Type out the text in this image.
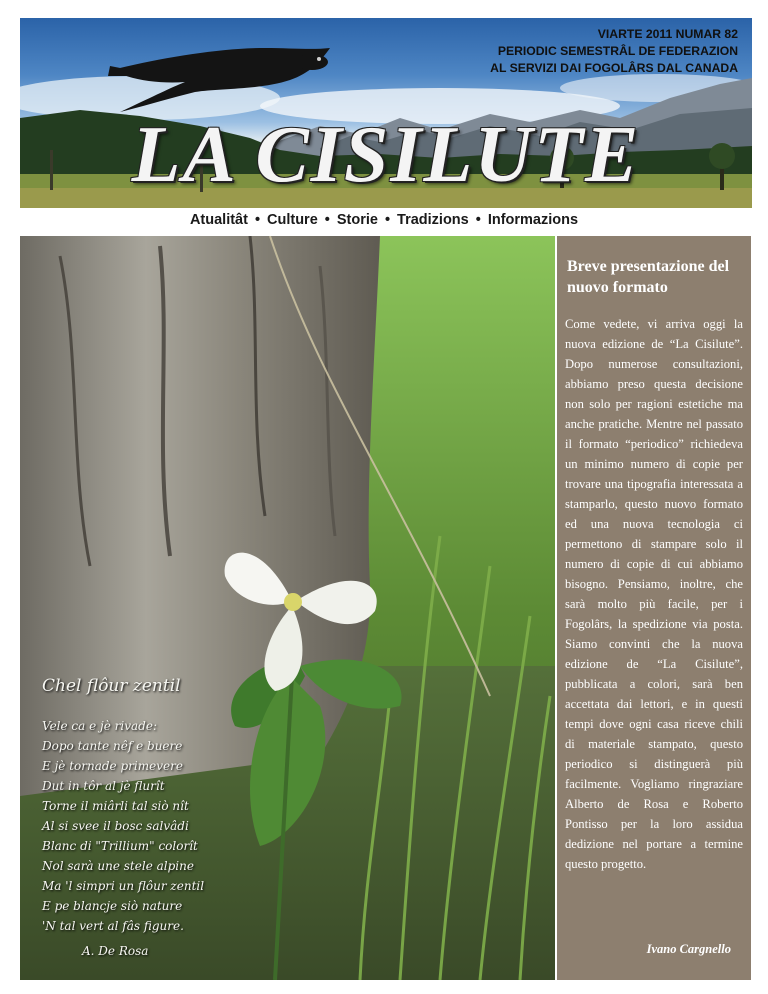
VIARTE 2011 NUMAR 82
PERIODIC SEMESTRÂL DE FEDERAZION
AL SERVIZI DAI FOGOLÂRS DAL CANADA
LA CISILUTE
Atualitât • Culture • Storie • Tradizions • Informazions
Chel flôur zentil
Vele ca e jè rivade:
Dopo tante nêf e buere
E jè tornade primevere
Dut in tôr al jè flurît
Torne il miârli tal siò nît
Al si svee il bosc salvâdi
Blanc di "Trillium" colorît
Nol sarà une stele alpine
Ma 'l simpri un flôur zentil
E pe blancje siò nature
'N tal vert al fâs figure.
A. De Rosa
Breve presentazione del nuovo formato
Come vedete, vi arriva oggi la nuova edizione de “La Cisilute”. Dopo numerose consultazioni, abbiamo preso questa decisione non solo per ragioni estetiche ma anche pratiche. Mentre nel passato il formato “periodico” richiedeva un minimo numero di copie per trovare una tipografia interessata a stamparlo, questo nuovo formato ed una nuova tecnologia ci permettono di stampare solo il numero di copie di cui abbiamo bisogno. Pensiamo, inoltre, che sarà molto più facile, per i Fogolârs, la spedizione via posta. Siamo convinti che la nuova edizione de “La Cisilute”, pubblicata a colori, sarà ben accettata dai lettori, e in questi tempi dove ogni casa riceve chili di materiale stampato, questo periodico si distinguerà più facilmente. Vogliamo ringraziare Alberto de Rosa e Roberto Pontisso per la loro assidua dedizione nel portare a termine questo progetto.
Ivano Cargnello
